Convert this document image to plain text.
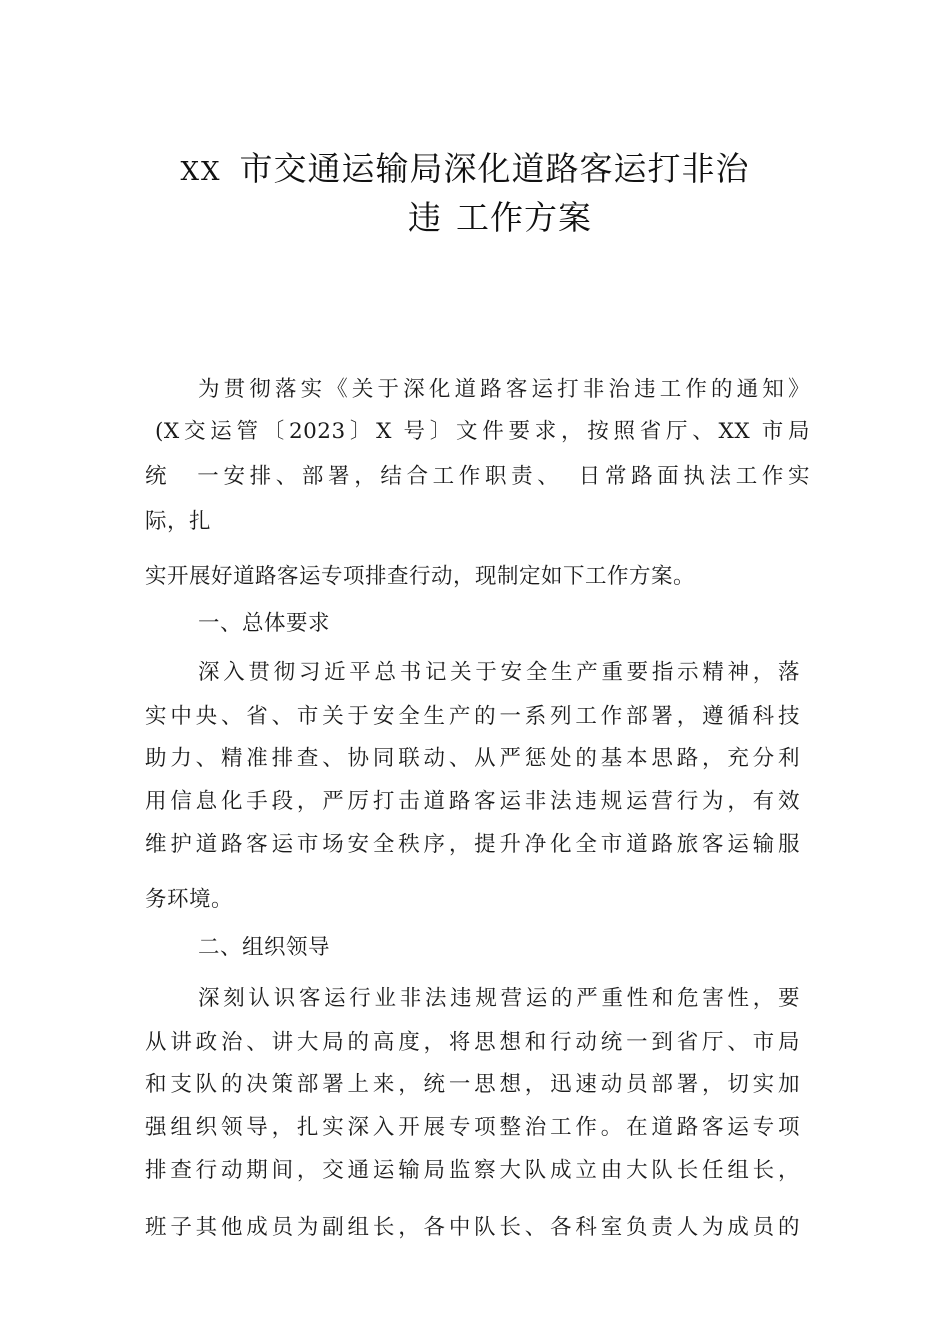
XX 市交通运输局深化道路客运打非治
违 工作方案
为贯彻落实《关于深化道路客运打非治违工作的通知》
(X交运管〔2023〕X 号〕文件要求，按照省厅、XX 市局
统　一安排、部署，结合工作职责、　日常路面执法工作实
际，扎
实开展好道路客运专项排查行动，现制定如下工作方案。
一、总体要求
深入贯彻习近平总书记关于安全生产重要指示精神，落
实中央、省、市关于安全生产的一系列工作部署，遵循科技
助力、精准排查、协同联动、从严惩处的基本思路，充分利
用信息化手段，严厉打击道路客运非法违规运营行为，有效
维护道路客运市场安全秩序，提升净化全市道路旅客运输服
务环境。
二、组织领导
深刻认识客运行业非法违规营运的严重性和危害性，要
从讲政治、讲大局的高度，将思想和行动统一到省厅、市局
和支队的决策部署上来，统一思想，迅速动员部署，切实加
强组织领导，扎实深入开展专项整治工作。在道路客运专项
排查行动期间，交通运输局监察大队成立由大队长任组长，
班子其他成员为副组长，各中队长、各科室负责人为成员的
